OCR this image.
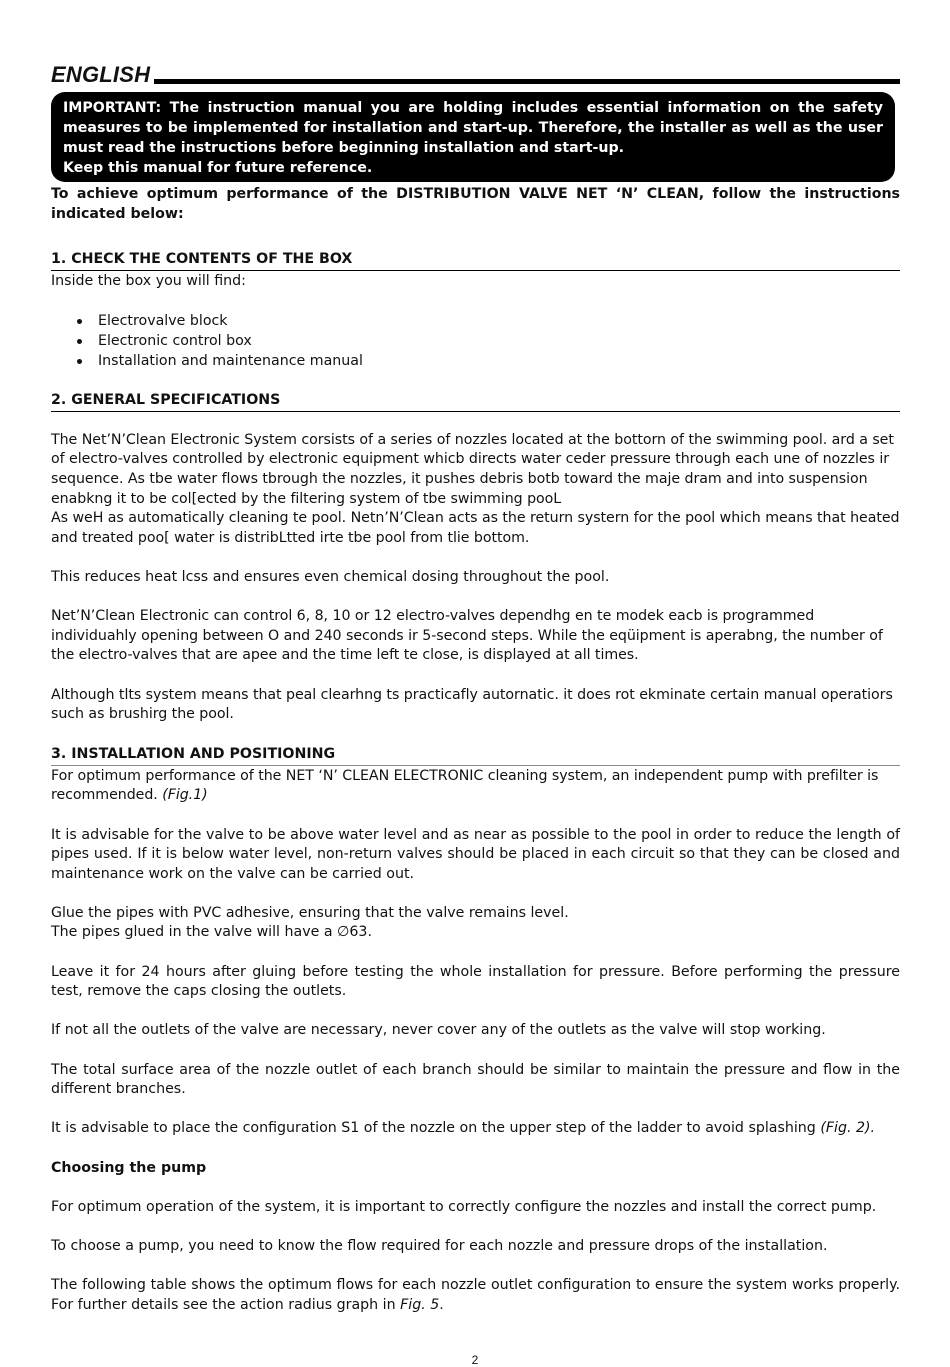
ENGLISH

IMPORTANT: The instruction manual you are holding includes essential information on the safety measures to be implemented for installation and start-up. Therefore, the installer as well as the user must read the instructions before beginning installation and start-up.

Keep this manual for future reference.

To achieve optimum performance of the DISTRIBUTION VALVE NET ‘N’ CLEAN, follow the instructions indicated below:

1. CHECK THE CONTENTS OF THE BOX

Inside the box you will find:

Electrovalve block
Electronic control box
Installation and maintenance manual
2. GENERAL SPECIFICATIONS

The Net’N’Clean Electronic System corsists of a series of nozzles located at the bottorn of the swimming pool. ard a set of electro-valves controlled by electronic equipment whicb directs water ceder pressure through each une of nozzles ir sequence. As tbe water flows tbrough the nozzles, it pushes debris botb toward the maje dram and into suspension enabkng it to be col[ected by the filtering system of tbe swimming pooL

As weH as automatically cleaning te pool. Netn’N’Clean acts as the return systern for the pool which means that heated and treated poo[ water is distribLtted irte tbe pool from tlie bottom.

This reduces heat lcss and ensures even chemical dosing throughout the pool.

Net’N’Clean Electronic can control 6, 8, 10 or 12 electro-valves dependhg en te modek eacb is programmed individuahly opening between O and 240 seconds ir 5-second steps. While the eqüipment is aperabng, the number of the electro-valves that are apee and the time left te close, is displayed at all times.

Although tlts system means that peal clearhng ts practicafly autornatic. it does rot ekminate certain manual operatiors such as brushirg the pool.

3. INSTALLATION AND POSITIONING

For optimum performance of the NET ‘N’ CLEAN ELECTRONIC cleaning system, an independent pump with prefilter is recommended. (Fig.1)

It is advisable for the valve to be above water level and as near as possible to the pool in order to reduce the length of pipes used. If it is below water level, non-return valves should be placed in each circuit so that they can be closed and maintenance work on the valve can be carried out.

Glue the pipes with PVC adhesive, ensuring that the valve remains level.

The pipes glued in the valve will have a ∅63.

Leave it for 24 hours after gluing before testing the whole installation for pressure. Before performing the pressure test, remove the caps closing the outlets.

If not all the outlets of the valve are necessary, never cover any of the outlets as the valve will stop working.

The total surface area of the nozzle outlet of each branch should be similar to maintain the pressure and flow in the different branches.

It is advisable to place the configuration S1 of the nozzle on the upper step of the ladder to avoid splashing (Fig. 2).

Choosing the pump

For optimum operation of the system, it is important to correctly configure the nozzles and install the correct pump.

To choose a pump, you need to know the flow required for each nozzle and pressure drops of the installation.

The following table shows the optimum flows for each nozzle outlet configuration to ensure the system works properly. For further details see the action radius graph in Fig. 5.

2
